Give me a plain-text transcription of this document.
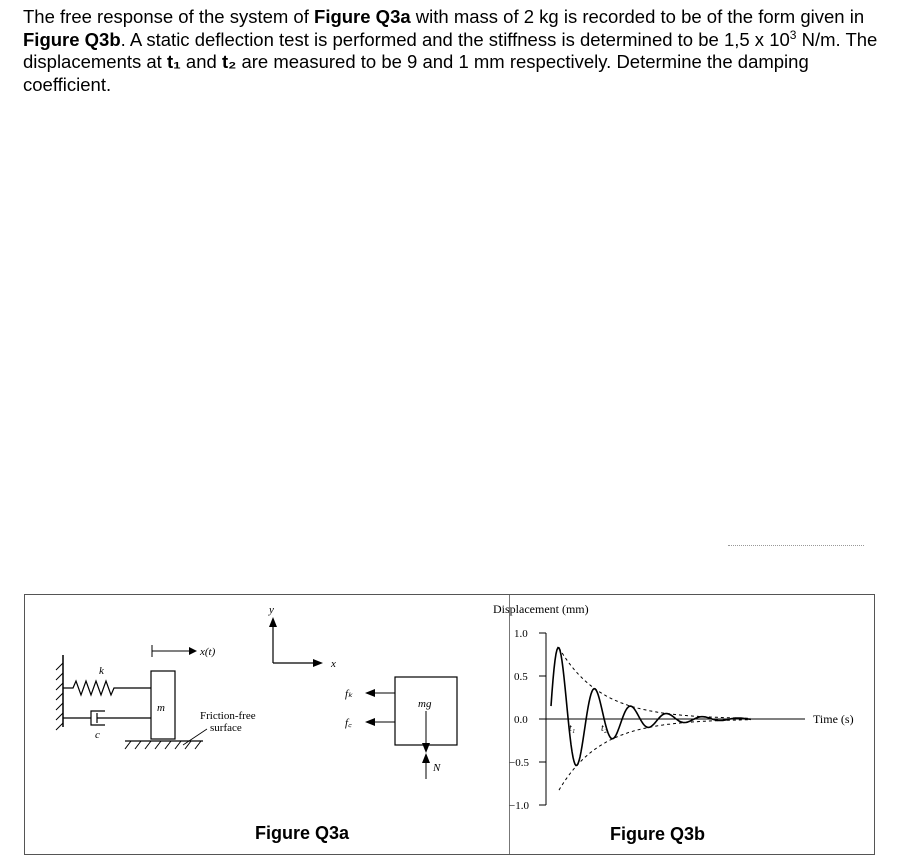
The free response of the system of Figure Q3a with mass of 2 kg is recorded to be of the form given in Figure Q3b. A static deflection test is performed and the stiffness is determined to be 1,5 x $10^3$ N/m. The displacements at t₁ and t₂ are measured to be 9 and 1 mm respectively. Determine the damping coefficient.
k
c
m
x(t)
Friction-free
surface
y
x
mg
fₖ
f꜀
N
Figure Q3a
Displacement (mm)
1.0
0.5
0.0
−0.5
−1.0
Time (s)
t₁	t₂
Figure Q3b
